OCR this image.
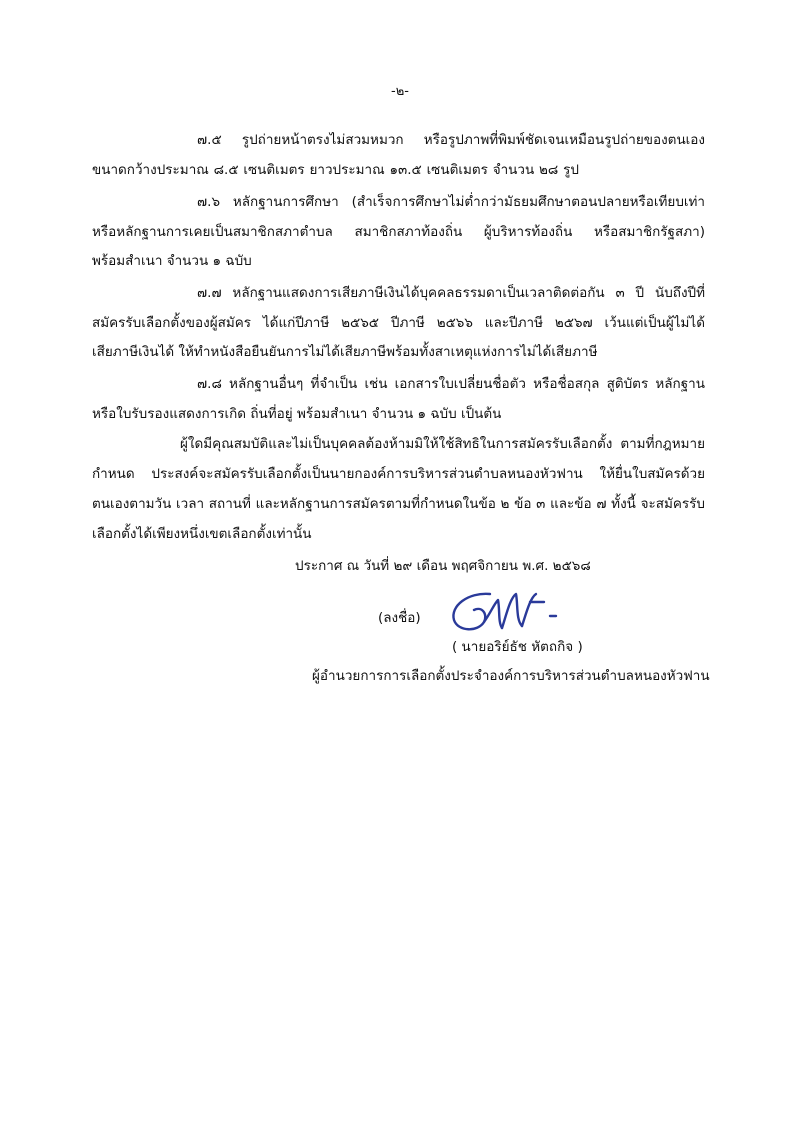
-๒-
๗.๕ รูปถ่ายหน้าตรงไม่สวมหมวก หรือรูปภาพที่พิมพ์ชัดเจนเหมือนรูปถ่ายของตนเอง
ขนาดกว้างประมาณ ๘.๕ เซนติเมตร ยาวประมาณ ๑๓.๕ เซนติเมตร จำนวน ๒๘ รูป
๗.๖ หลักฐานการศึกษา (สำเร็จการศึกษาไม่ต่ำกว่ามัธยมศึกษาตอนปลายหรือเทียบเท่า
หรือหลักฐานการเคยเป็นสมาชิกสภาตำบล สมาชิกสภาท้องถิ่น ผู้บริหารท้องถิ่น หรือสมาชิกรัฐสภา)
พร้อมสำเนา จำนวน ๑ ฉบับ
๗.๗ หลักฐานแสดงการเสียภาษีเงินได้บุคคลธรรมดาเป็นเวลาติดต่อกัน ๓ ปี นับถึงปีที่
สมัครรับเลือกตั้งของผู้สมัคร ได้แก่ปีภาษี ๒๕๖๕ ปีภาษี ๒๕๖๖ และปีภาษี ๒๕๖๗ เว้นแต่เป็นผู้ไม่ได้
เสียภาษีเงินได้ ให้ทำหนังสือยืนยันการไม่ได้เสียภาษีพร้อมทั้งสาเหตุแห่งการไม่ได้เสียภาษี
๗.๘ หลักฐานอื่นๆ ที่จำเป็น เช่น เอกสารใบเปลี่ยนชื่อตัว หรือชื่อสกุล สูติบัตร หลักฐาน
หรือใบรับรองแสดงการเกิด ถิ่นที่อยู่ พร้อมสำเนา จำนวน ๑ ฉบับ เป็นต้น
ผู้ใดมีคุณสมบัติและไม่เป็นบุคคลต้องห้ามมิให้ใช้สิทธิในการสมัครรับเลือกตั้ง ตามที่กฎหมาย
กำหนด ประสงค์จะสมัครรับเลือกตั้งเป็นนายกองค์การบริหารส่วนตำบลหนองหัวฟาน ให้ยื่นใบสมัครด้วย
ตนเองตามวัน เวลา สถานที่ และหลักฐานการสมัครตามที่กำหนดในข้อ ๒ ข้อ ๓ และข้อ ๗ ทั้งนี้ จะสมัครรับ
เลือกตั้งได้เพียงหนึ่งเขตเลือกตั้งเท่านั้น
ประกาศ ณ วันที่ ๒๙ เดือน พฤศจิกายน พ.ศ. ๒๕๖๘
(ลงชื่อ)
( นายอริย์ธัช หัตถกิจ )
ผู้อำนวยการการเลือกตั้งประจำองค์การบริหารส่วนตำบลหนองหัวฟาน
